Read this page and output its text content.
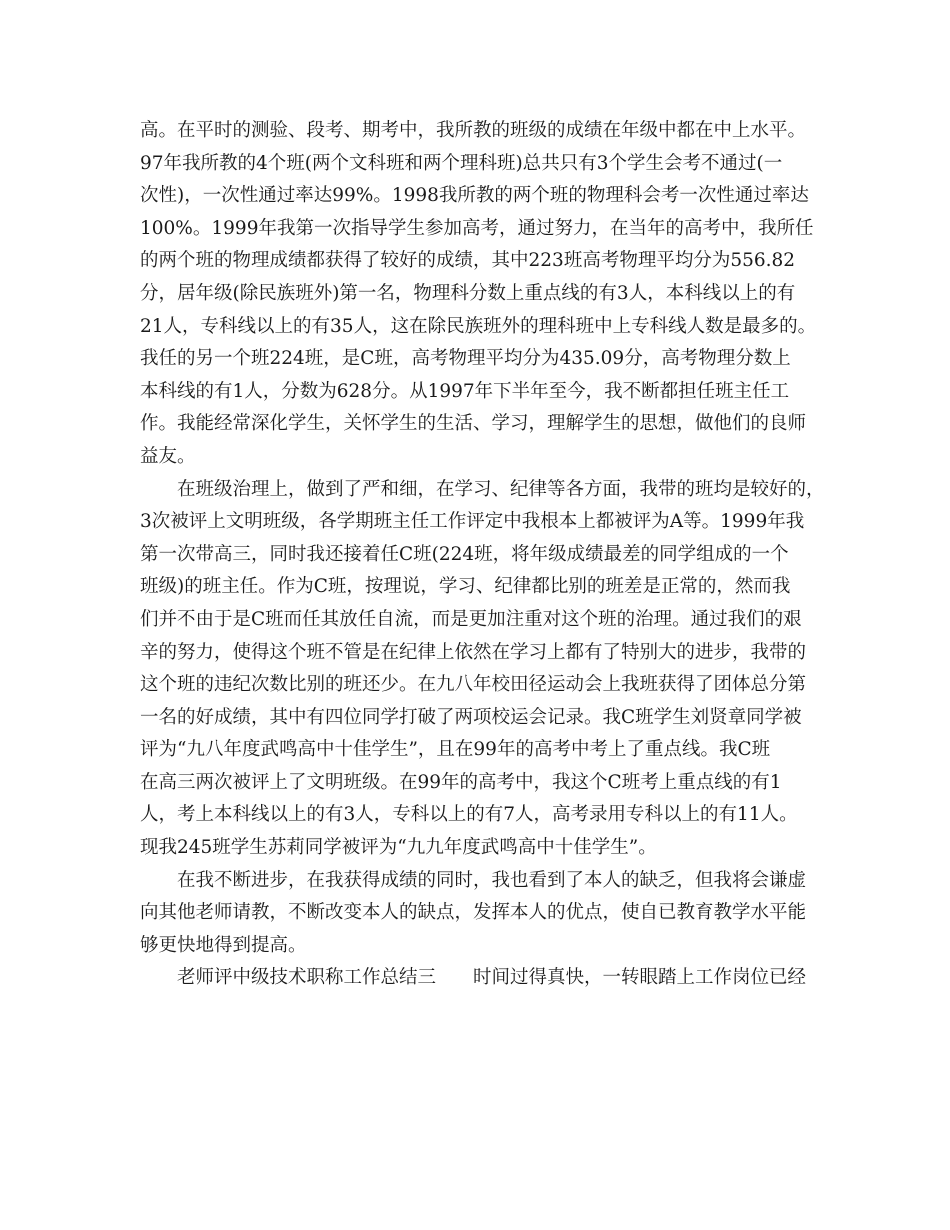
高。在平时的测验、段考、期考中，我所教的班级的成绩在年级中都在中上水平。
97年我所教的4个班(两个文科班和两个理科班)总共只有3个学生会考不通过(一
次性)，一次性通过率达99%。1998我所教的两个班的物理科会考一次性通过率达
100%。1999年我第一次指导学生参加高考，通过努力，在当年的高考中，我所任
的两个班的物理成绩都获得了较好的成绩，其中223班高考物理平均分为556.82
分，居年级(除民族班外)第一名，物理科分数上重点线的有3人，本科线以上的有
21人，专科线以上的有35人，这在除民族班外的理科班中上专科线人数是最多的。
我任的另一个班224班，是C班，高考物理平均分为435.09分，高考物理分数上
本科线的有1人，分数为628分。从1997年下半年至今，我不断都担任班主任工
作。我能经常深化学生，关怀学生的生活、学习，理解学生的思想，做他们的良师
益友。
在班级治理上，做到了严和细，在学习、纪律等各方面，我带的班均是较好的，
3次被评上文明班级，各学期班主任工作评定中我根本上都被评为A等。1999年我
第一次带高三，同时我还接着任C班(224班，将年级成绩最差的同学组成的一个
班级)的班主任。作为C班，按理说，学习、纪律都比别的班差是正常的，然而我
们并不由于是C班而任其放任自流，而是更加注重对这个班的治理。通过我们的艰
辛的努力，使得这个班不管是在纪律上依然在学习上都有了特别大的进步，我带的
这个班的违纪次数比别的班还少。在九八年校田径运动会上我班获得了团体总分第
一名的好成绩，其中有四位同学打破了两项校运会记录。我C班学生刘贤章同学被
评为“九八年度武鸣高中十佳学生”，且在99年的高考中考上了重点线。我C班
在高三两次被评上了文明班级。在99年的高考中，我这个C班考上重点线的有1
人，考上本科线以上的有3人，专科以上的有7人，高考录用专科以上的有11人。
现我245班学生苏莉同学被评为“九九年度武鸣高中十佳学生”。
在我不断进步，在我获得成绩的同时，我也看到了本人的缺乏，但我将会谦虚
向其他老师请教，不断改变本人的缺点，发挥本人的优点，使自已教育教学水平能
够更快地得到提高。
老师评中级技术职称工作总结三　　时间过得真快，一转眼踏上工作岗位已经
